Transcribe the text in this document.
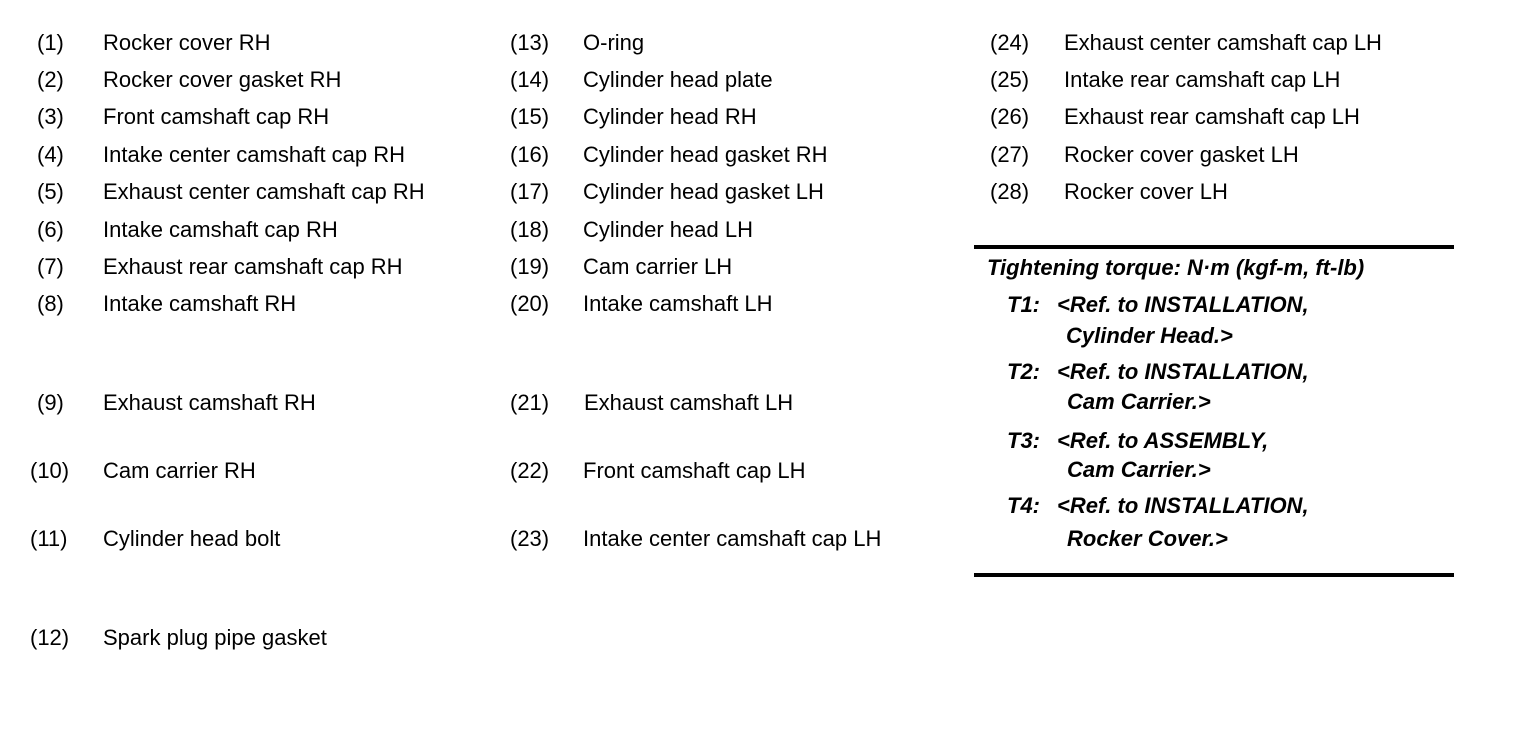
(1) Rocker cover RH
(2) Rocker cover gasket RH
(3) Front camshaft cap RH
(4) Intake center camshaft cap RH
(5) Exhaust center camshaft cap RH
(6) Intake camshaft cap RH
(7) Exhaust rear camshaft cap RH
(8) Intake camshaft RH
(9) Exhaust camshaft RH
(10) Cam carrier RH
(11) Cylinder head bolt
(12) Spark plug pipe gasket
(13) O-ring
(14) Cylinder head plate
(15) Cylinder head RH
(16) Cylinder head gasket RH
(17) Cylinder head gasket LH
(18) Cylinder head LH
(19) Cam carrier LH
(20) Intake camshaft LH
(21) Exhaust camshaft LH
(22) Front camshaft cap LH
(23) Intake center camshaft cap LH
(24) Exhaust center camshaft cap LH
(25) Intake rear camshaft cap LH
(26) Exhaust rear camshaft cap LH
(27) Rocker cover gasket LH
(28) Rocker cover LH
Tightening torque: N·m (kgf-m, ft-lb)
T1: <Ref. to INSTALLATION,
Cylinder Head.>
T2: <Ref. to INSTALLATION,
Cam Carrier.>
T3: <Ref. to ASSEMBLY,
Cam Carrier.>
T4: <Ref. to INSTALLATION,
Rocker Cover.>
